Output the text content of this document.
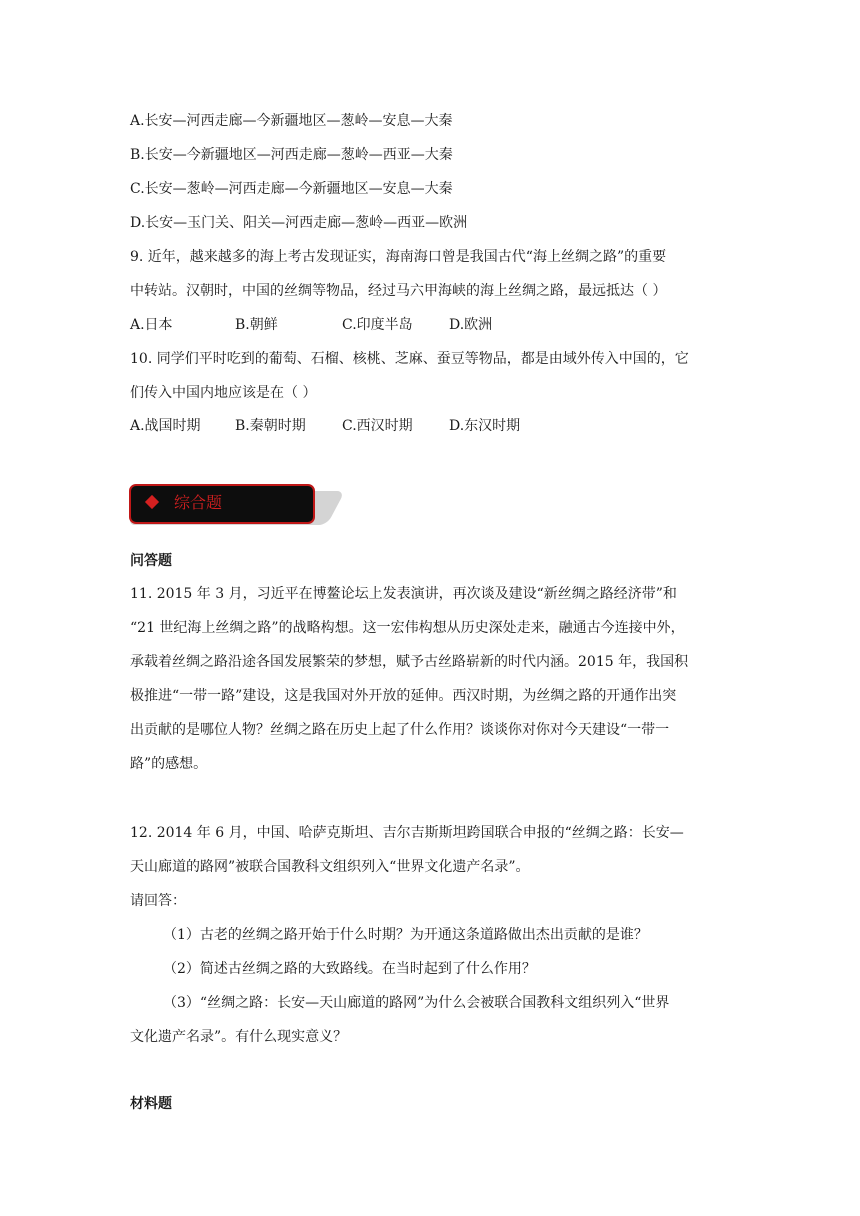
A.长安—河西走廊—今新疆地区—葱岭—安息—大秦
B.长安—今新疆地区—河西走廊—葱岭—西亚—大秦
C.长安—葱岭—河西走廊—今新疆地区—安息—大秦
D.长安—玉门关、阳关—河西走廊—葱岭—西亚—欧洲
9. 近年，越来越多的海上考古发现证实，海南海口曾是我国古代“海上丝绸之路”的重要
中转站。汉朝时，中国的丝绸等物品，经过马六甲海峡的海上丝绸之路，最远抵达（ ）
A.日本	B.朝鲜	C.印度半岛	D.欧洲
10. 同学们平时吃到的葡萄、石榴、核桃、芝麻、蚕豆等物品，都是由域外传入中国的，它
们传入中国内地应该是在（ ）
A.战国时期 B.秦朝时期	C.西汉时期	D.东汉时期
综合题
问答题
11. 2015 年 3 月，习近平在博鳌论坛上发表演讲，再次谈及建设“新丝绸之路经济带”和
“21 世纪海上丝绸之路”的战略构想。这一宏伟构想从历史深处走来，融通古今连接中外，
承载着丝绸之路沿途各国发展繁荣的梦想，赋予古丝路崭新的时代内涵。2015 年，我国积
极推进“一带一路”建设，这是我国对外开放的延伸。西汉时期，为丝绸之路的开通作出突
出贡献的是哪位人物？丝绸之路在历史上起了什么作用？谈谈你对你对今天建设“一带一
路”的感想。
12. 2014 年 6 月，中国、哈萨克斯坦、吉尔吉斯斯坦跨国联合申报的“丝绸之路：长安—
天山廊道的路网”被联合国教科文组织列入“世界文化遗产名录”。
请回答：
（1）古老的丝绸之路开始于什么时期？为开通这条道路做出杰出贡献的是谁？
（2）简述古丝绸之路的大致路线。在当时起到了什么作用？
（3）“丝绸之路：长安—天山廊道的路网”为什么会被联合国教科文组织列入“世界
文化遗产名录”。有什么现实意义？
材料题
